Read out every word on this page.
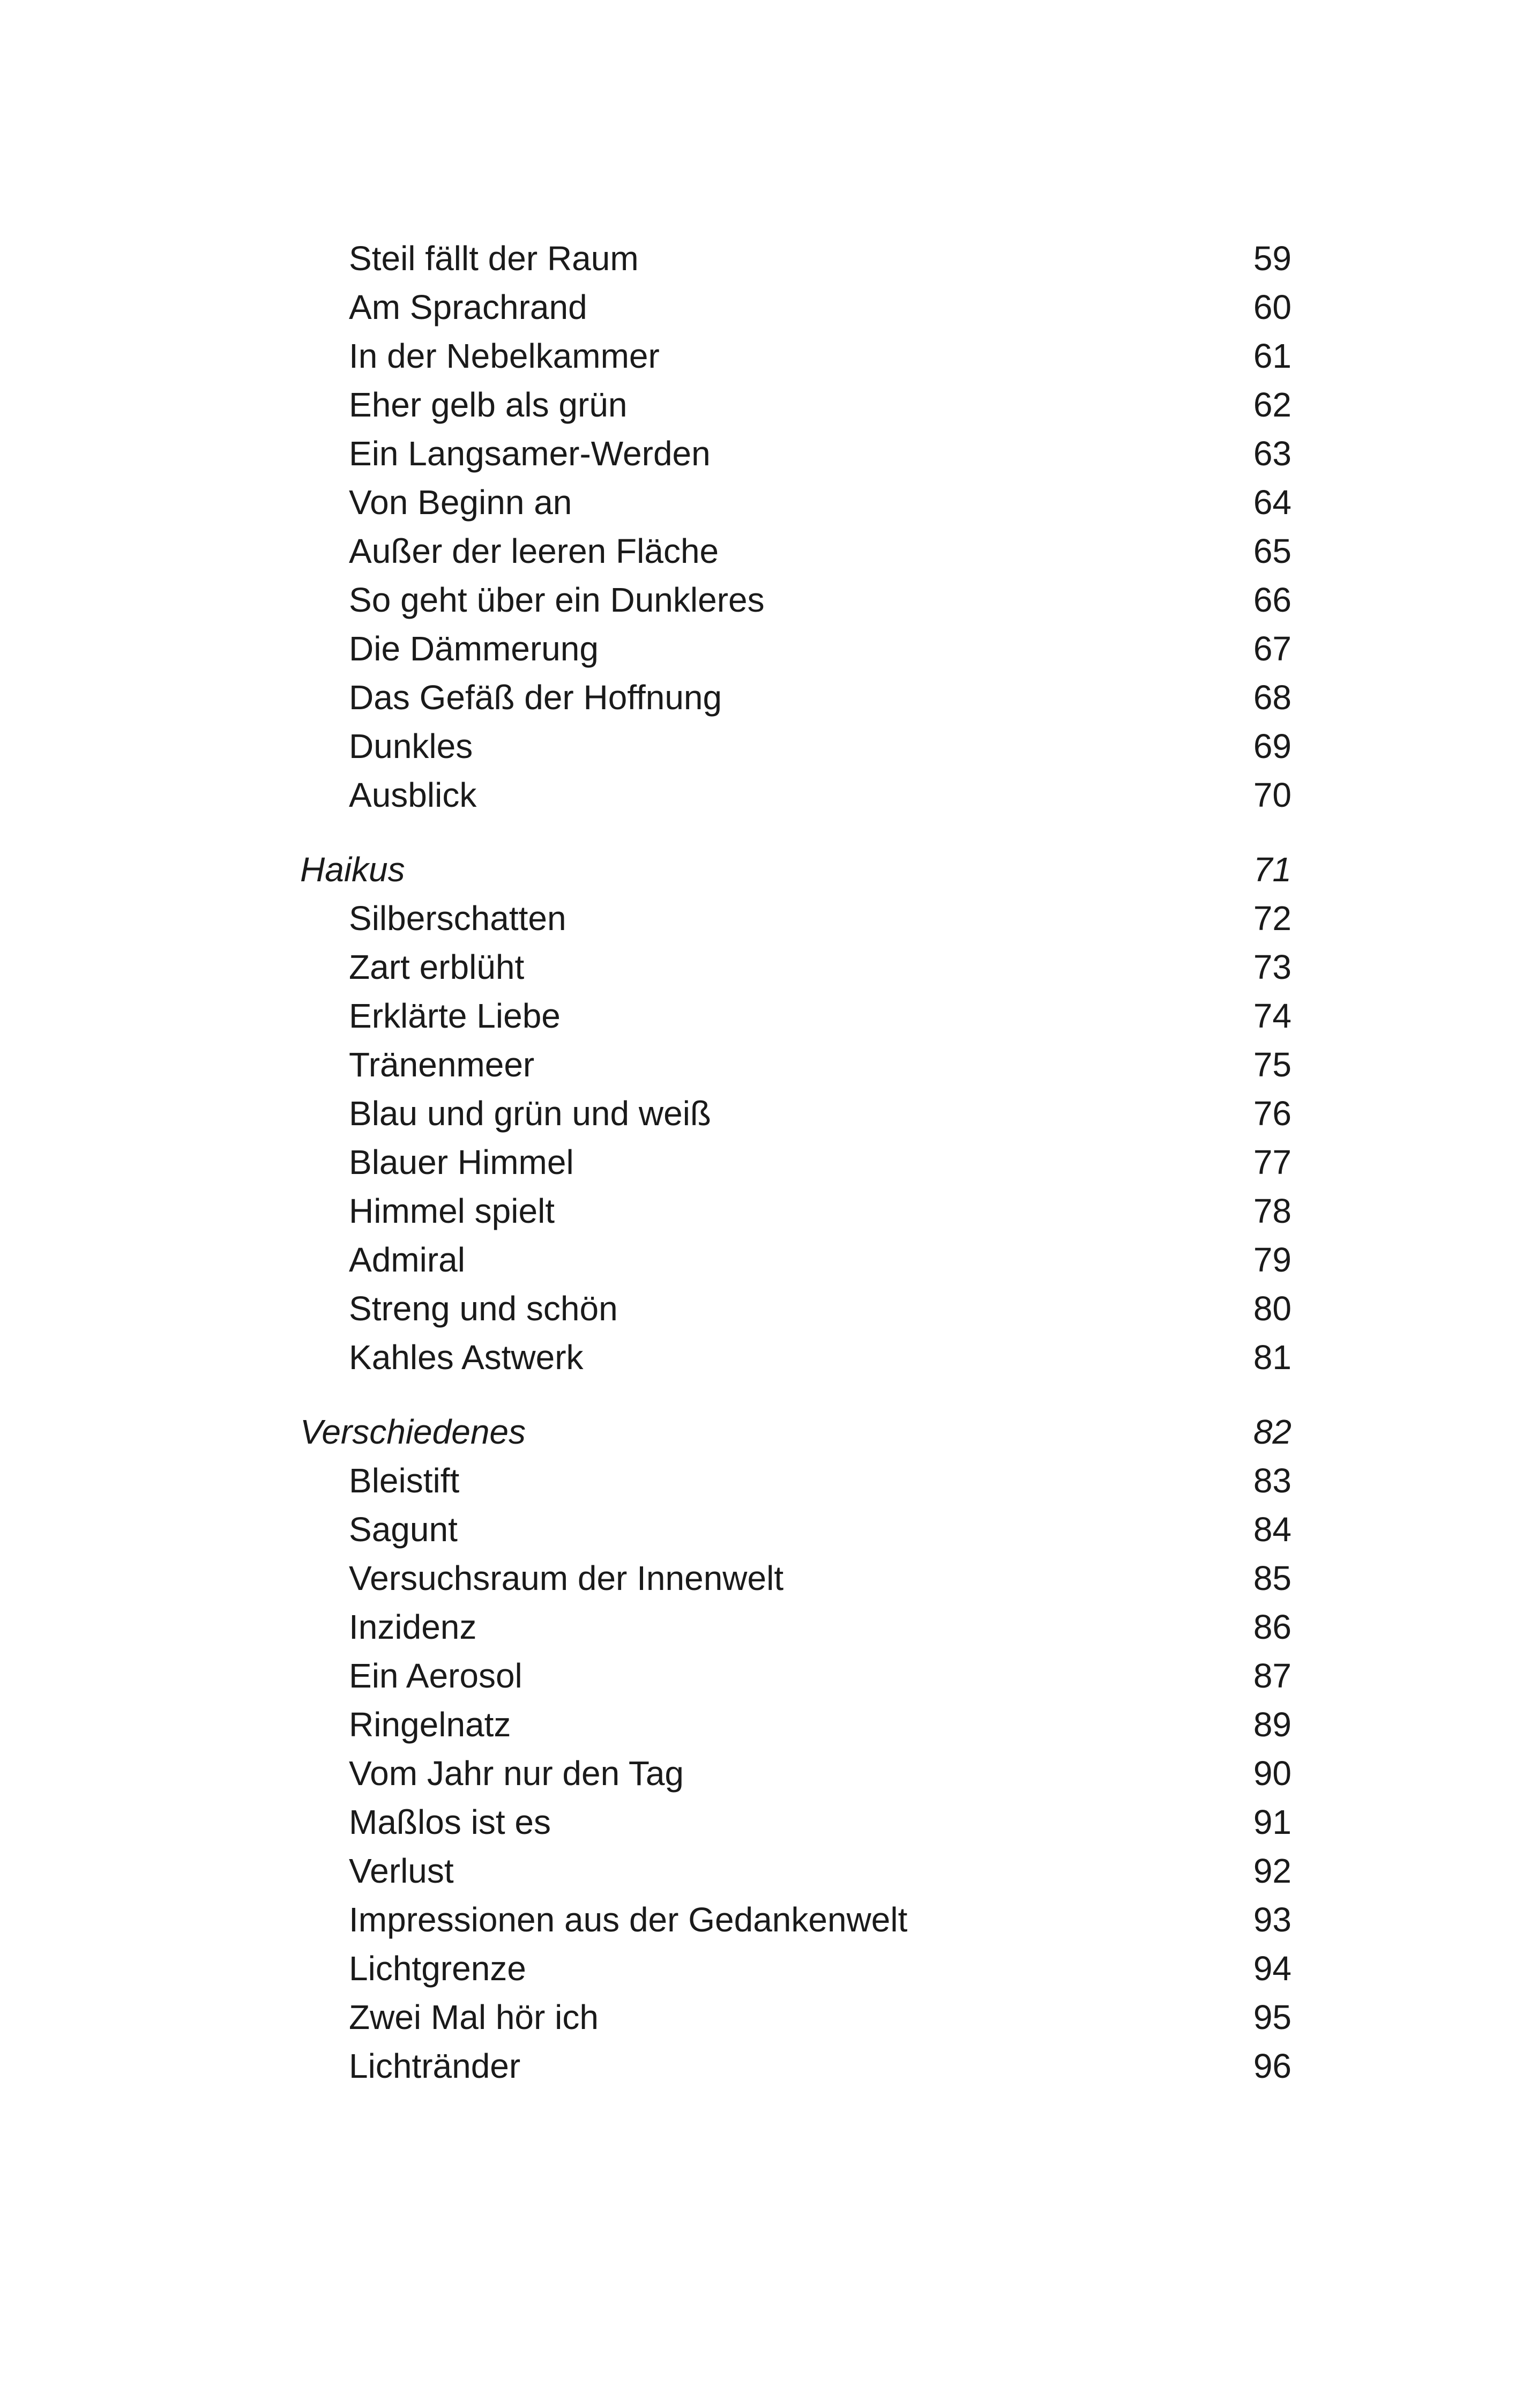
Steil fällt der Raum	59
Am Sprachrand	60
In der Nebelkammer	61
Eher gelb als grün	62
Ein Langsamer-Werden	63
Von Beginn an	64
Außer der leeren Fläche	65
So geht über ein Dunkleres	66
Die Dämmerung	67
Das Gefäß der Hoffnung	68
Dunkles	69
Ausblick	70
Haikus	71
Silberschatten	72
Zart erblüht	73
Erklärte Liebe	74
Tränenmeer	75
Blau und grün und weiß	76
Blauer Himmel	77
Himmel spielt	78
Admiral	79
Streng und schön	80
Kahles Astwerk	81
Verschiedenes	82
Bleistift	83
Sagunt	84
Versuchsraum der Innenwelt	85
Inzidenz	86
Ein Aerosol	87
Ringelnatz	89
Vom Jahr nur den Tag	90
Maßlos ist es	91
Verlust	92
Impressionen aus der Gedankenwelt	93
Lichtgrenze	94
Zwei Mal hör ich	95
Lichtränder	96
